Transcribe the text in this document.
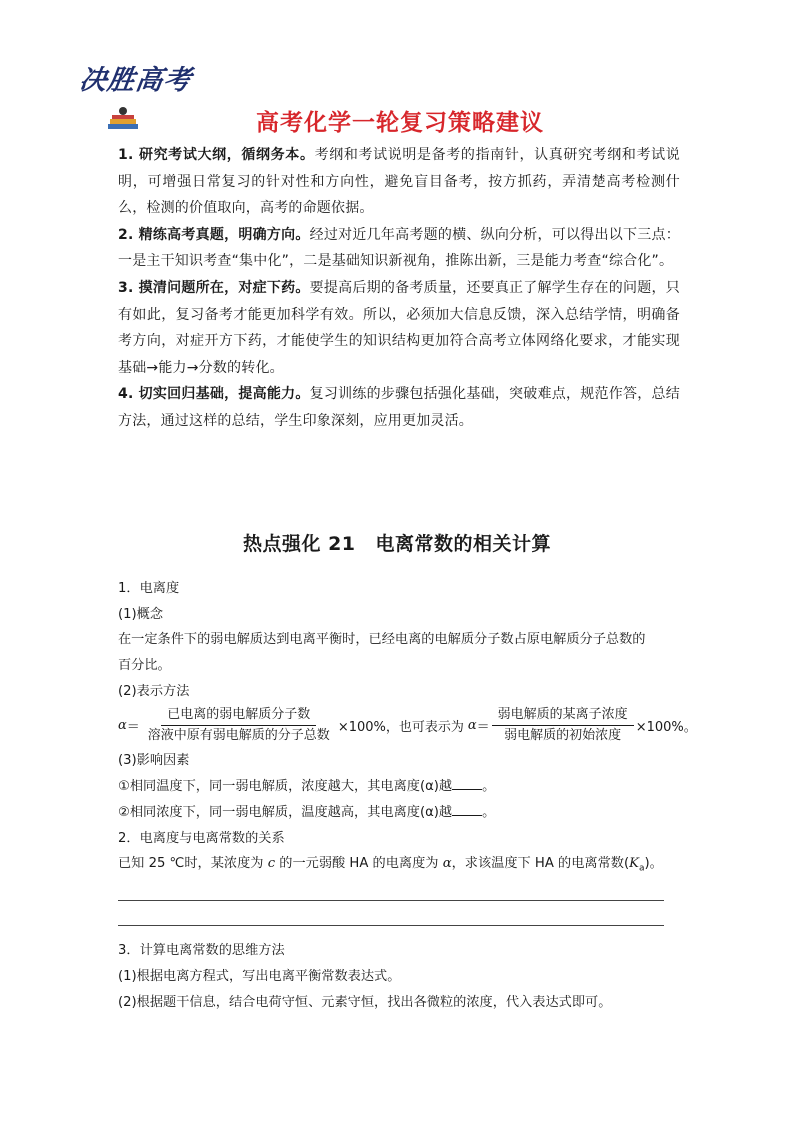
决胜高考
高考化学一轮复习策略建议

1. 研究考试大纲，循纲务本。考纲和考试说明是备考的指南针，认真研究考纲和考试说明，可增强日常复习的针对性和方向性，避免盲目备考，按方抓药，弄清楚高考检测什么，检测的价值取向，高考的命题依据。

2. 精练高考真题，明确方向。经过对近几年高考题的横、纵向分析，可以得出以下三点：一是主干知识考查“集中化”，二是基础知识新视角，推陈出新，三是能力考查“综合化”。

3. 摸清问题所在，对症下药。要提高后期的备考质量，还要真正了解学生存在的问题，只有如此，复习备考才能更加科学有效。所以，必须加大信息反馈，深入总结学情，明确备考方向，对症开方下药，才能使学生的知识结构更加符合高考立体网络化要求，才能实现基础→能力→分数的转化。

4. 切实回归基础，提高能力。复习训练的步骤包括强化基础，突破难点，规范作答，总结方法，通过这样的总结，学生印象深刻，应用更加灵活。

热点强化 21 电离常数的相关计算
1．电离度
(1)概念
在一定条件下的弱电解质达到电离平衡时，已经电离的电解质分子数占原电解质分子总数的
百分比。
(2)表示方法
$\alpha = \frac{\text{已电离的弱电解质分子数}}{\text{溶液中原有弱电解质的分子总数}} \times 100\%$，也可表示为 $\alpha = \frac{\text{弱电解质的某离子浓度}}{\text{弱电解质的初始浓度}} \times 100\%$。
(3)影响因素
①相同温度下，同一弱电解质，浓度越大，其电离度(α)越 。
②相同浓度下，同一弱电解质，温度越高，其电离度(α)越 。
2．电离度与电离常数的关系
已知 25 ℃时，某浓度为 c 的一元弱酸 HA 的电离度为 α，求该温度下 HA 的电离常数$(K_a)$。
3．计算电离常数的思维方法
(1)根据电离方程式，写出电离平衡常数表达式。
(2)根据题干信息，结合电荷守恒、元素守恒，找出各微粒的浓度，代入表达式即可。
